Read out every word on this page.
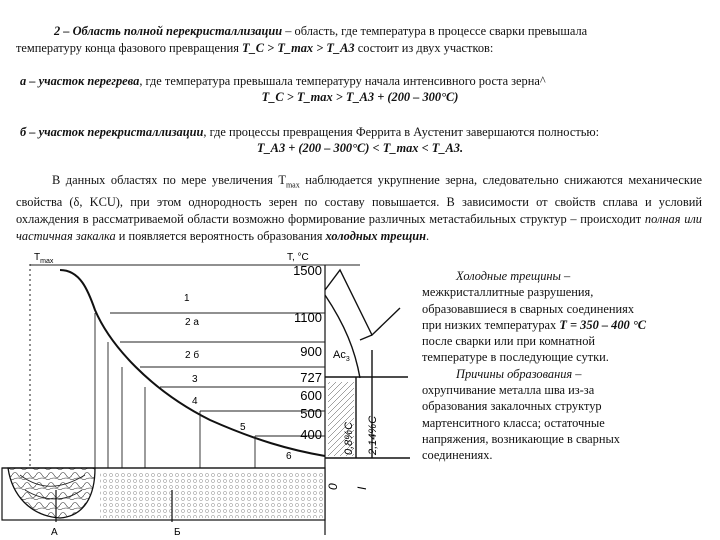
2 – Область полной перекристаллизации – область, где температура в процессе сварки превышала
температуру конца фазового превращения T_C > T_max > T_A3 состоит из двух участков:

а – участок перегрева, где температура превышала температуру начала интенсивного роста зерна^

T_C > T_max > T_A3 + (200 – 300°C)

б – участок перекристаллизации, где процессы превращения Феррита в Аустенит завершаются полностью:

T_A3 + (200 – 300°C) < T_max < T_A3.

В данных областях по мере увеличения $T_{max}$ наблюдается укрупнение зерна, следовательно снижаются механические свойства (δ, KCU), при этом однородность зерен по составу повышается. В зависимости от свойств сплава и условий охлаждения в рассматриваемой области возможно формирование различных метастабильных структур – происходит полная или частичная закалка и появляется вероятность образования холодных трещин.

$T_{max}$	T, °C
1
2 а
2 б
3
4
5
6
1500
1100
900
727
600
500
400
$Ac_3$
0,8%C 2,14%C
0 I
А	Б
Холодные трещины –
межкристаллитные разрушения,
образовавшиеся в сварных соединениях
при низких температурах T = 350 – 400 °C
после сварки или при комнатной
температуре в последующие сутки.
Причины образования –
охрупчивание металла шва из-за
образования закалочных структур
мартенситного класса; остаточные
напряжения, возникающие в сварных
соединениях.
